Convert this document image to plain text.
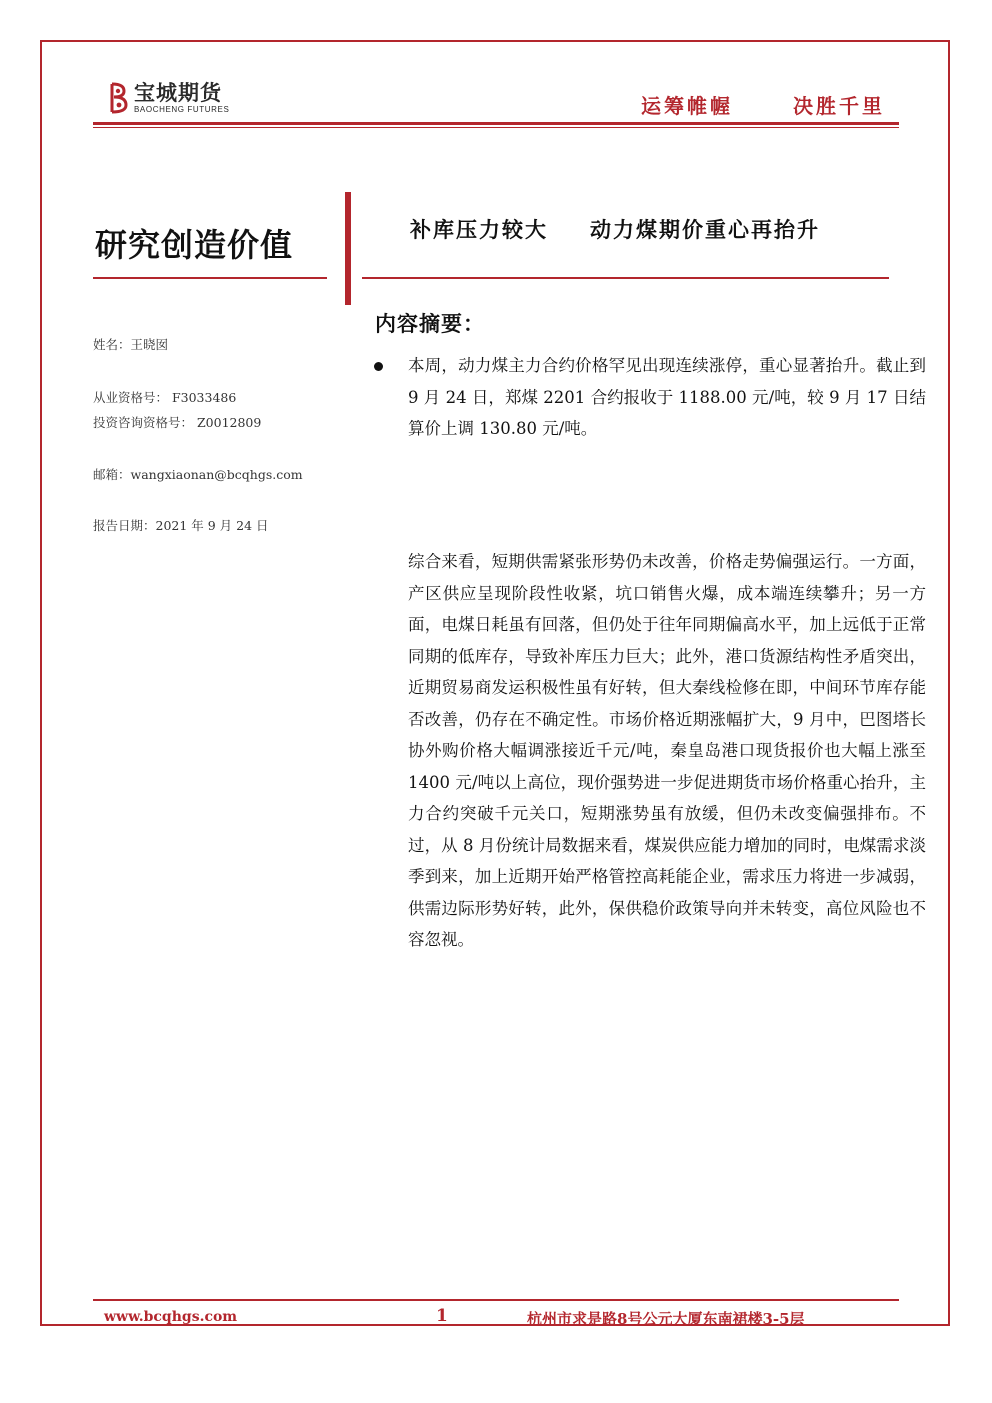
宝城期货
BAOCHENG FUTURES	运筹帷幄	决胜千里
研究创造价值
姓名：王晓囡
从业资格号： F3033486
投资咨询资格号： Z0012809
邮箱：wangxiaonan@bcqhgs.com
报告日期：2021 年 9 月 24 日
补库压力较大 动力煤期价重心再抬升
内容摘要：
本周，动力煤主力合约价格罕见出现连续涨停，重心显著抬升。截止到 9 月 24 日，郑煤 2201 合约报收于 1188.00 元/吨，较 9 月 17 日结算价上调 130.80 元/吨。
综合来看，短期供需紧张形势仍未改善，价格走势偏强运行。一方面，产区供应呈现阶段性收紧，坑口销售火爆，成本端连续攀升；另一方面，电煤日耗虽有回落，但仍处于往年同期偏高水平，加上远低于正常同期的低库存，导致补库压力巨大；此外，港口货源结构性矛盾突出，近期贸易商发运积极性虽有好转，但大秦线检修在即，中间环节库存能否改善，仍存在不确定性。市场价格近期涨幅扩大，9 月中，巴图塔长协外购价格大幅调涨接近千元/吨，秦皇岛港口现货报价也大幅上涨至 1400 元/吨以上高位，现价强势进一步促进期货市场价格重心抬升，主力合约突破千元关口，短期涨势虽有放缓，但仍未改变偏强排布。不过，从 8 月份统计局数据来看，煤炭供应能力增加的同时，电煤需求淡季到来，加上近期开始严格管控高耗能企业，需求压力将进一步减弱，供需边际形势好转，此外，保供稳价政策导向并未转变，高位风险也不容忽视。
www.bcqhgs.com	1	杭州市求是路8号公元大厦东南裙楼3-5层
